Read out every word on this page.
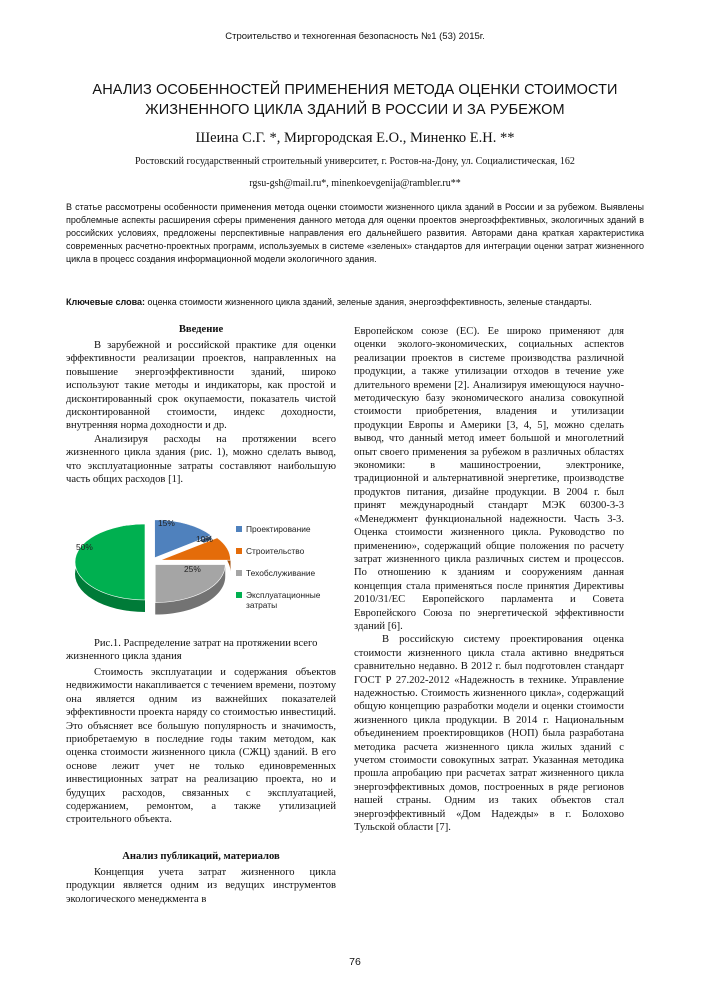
Строительство и техногенная безопасность №1 (53) 2015г.
АНАЛИЗ ОСОБЕННОСТЕЙ ПРИМЕНЕНИЯ МЕТОДА ОЦЕНКИ СТОИМОСТИ
ЖИЗНЕННОГО ЦИКЛА ЗДАНИЙ В РОССИИ И ЗА РУБЕЖОМ
Шеина С.Г. *, Миргородская Е.О., Миненко Е.Н. **
Ростовский государственный строительный университет, г. Ростов-на-Дону, ул. Социалистическая, 162
rgsu-gsh@mail.ru*, minenkoevgenija@rambler.ru**
В статье рассмотрены особенности применения метода оценки стоимости жизненного цикла зданий в России и за рубежом. Выявлены проблемные аспекты расширения сферы применения данного метода для оценки проектов энергоэффективных, экологичных зданий в российских условиях, предложены перспективные направления его дальнейшего развития. Авторами дана краткая характеристика современных расчетно-проектных программ, используемых в системе «зеленых» стандартов для интеграции оценки затрат жизненного цикла в процесс создания информационной модели экологичного здания.
Ключевые слова: оценка стоимости жизненного цикла зданий, зеленые здания, энергоэффективность, зеленые стандарты.
Введение

В зарубежной и российской практике для оценки эффективности реализации проектов, направленных на повышение энергоэффективности зданий, широко используют такие методы и индикаторы, как простой и дисконтированный срок окупаемости, показатель чистой дисконтированной стоимости, индекс доходности, внутренняя норма доходности и др.

Анализируя расходы на протяжении всего жизненного цикла здания (рис. 1), можно сделать вывод, что эксплуатационные затраты составляют наибольшую часть общих расходов [1].

15%
10%
25%
50%
Проектирование
Строительство
Техобслуживание
Эксплуатационные затраты

Рис.1. Распределение затрат на протяжении всего жизненного цикла здания

Стоимость эксплуатации и содержания объектов недвижимости накапливается с течением времени, поэтому она является одним из важнейших показателей эффективности проекта наряду со стоимостью инвестиций. Это объясняет все большую популярность и значимость, приобретаемую в последние годы таким методом, как оценка стоимости жизненного цикла (СЖЦ) зданий. В его основе лежит учет не только единовременных инвестиционных затрат на реализацию проекта, но и будущих расходов, связанных с эксплуатацией, содержанием, ремонтом, а также утилизацией строительного объекта.

Анализ публикаций, материалов

Концепция учета затрат жизненного цикла продукции является одним из ведущих инструментов экологического менеджмента в

Европейском союзе (ЕС). Ее широко применяют для оценки эколого-экономических, социальных аспектов реализации проектов в системе производства различной продукции, а также утилизации отходов в течение уже длительного времени [2]. Анализируя имеющуюся научно-методическую базу экономического анализа совокупной стоимости приобретения, владения и утилизации продукции Европы и Америки [3, 4, 5], можно сделать вывод, что данный метод имеет большой и многолетний опыт своего применения за рубежом в различных областях экономики: в машиностроении, электронике, традиционной и альтернативной энергетике, производстве продуктов питания, дизайне продукции. В 2004 г. был принят международный стандарт МЭК 60300-3-3 «Менеджмент функциональной надежности. Часть 3-3. Оценка стоимости жизненного цикла. Руководство по применению», содержащий общие положения по расчету затрат жизненного цикла различных систем и процессов. По отношению к зданиям и сооружениям данная концепция стала применяться после принятия Директивы 2010/31/ЕС Европейского парламента и Совета Европейского Союза по энергетической эффективности зданий [6].

В российскую систему проектирования оценка стоимости жизненного цикла стала активно внедряться сравнительно недавно. В 2012 г. был подготовлен стандарт ГОСТ Р 27.202-2012 «Надежность в технике. Управление надежностью. Стоимость жизненного цикла», содержащий общую концепцию разработки модели и оценки стоимости жизненного цикла продукции. В 2014 г. Национальным объединением проектировщиков (НОП) была разработана методика расчета жизненного цикла жилых зданий с учетом стоимости совокупных затрат. Указанная методика прошла апробацию при расчетах затрат жизненного цикла энергоэффективных домов, построенных в ряде регионов нашей страны. Одним из таких объектов стал энергоэффективный «Дом Надежды» в г. Болохово Тульской области [7].

76
